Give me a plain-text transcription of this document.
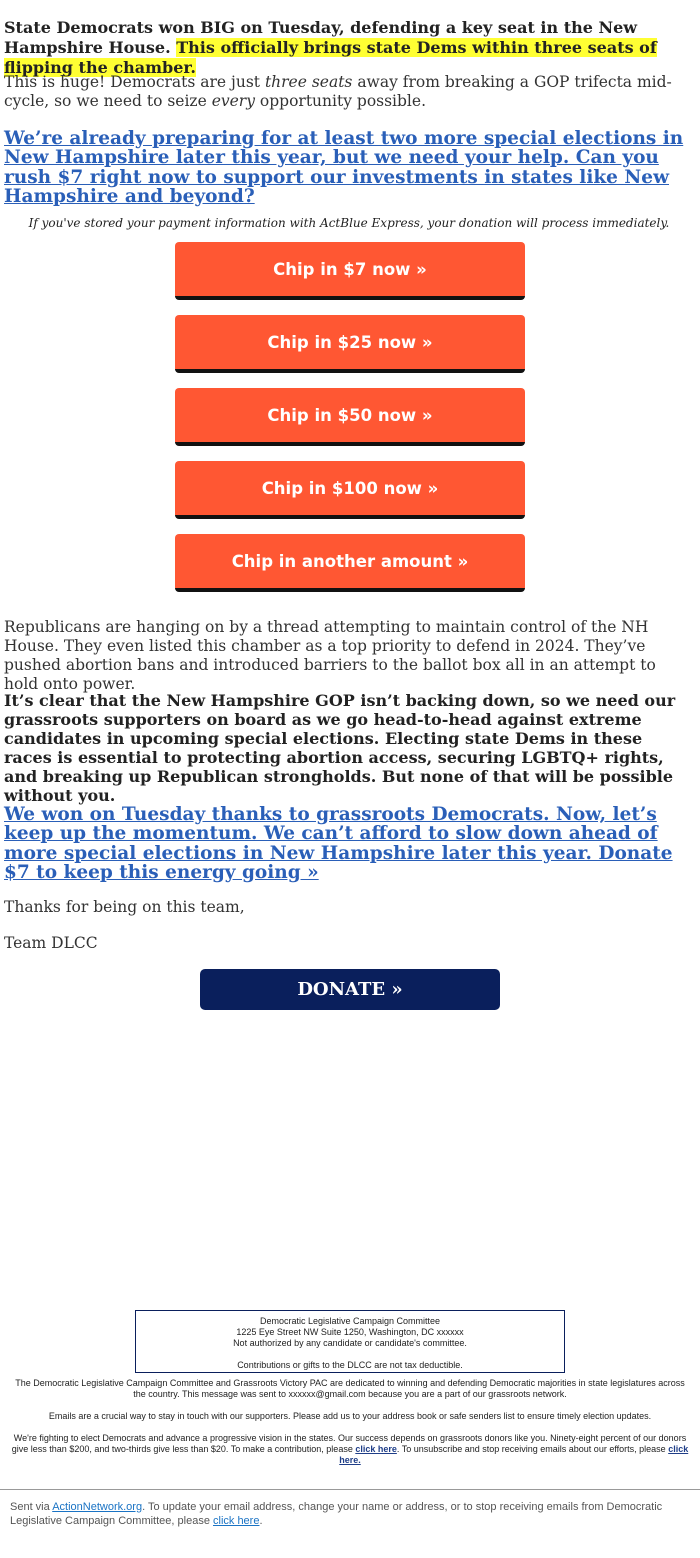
State Democrats won BIG on Tuesday, defending a key seat in the New Hampshire House. This officially brings state Dems within three seats of flipping the chamber.

This is huge! Democrats are just three seats away from breaking a GOP trifecta mid-cycle, so we need to seize every opportunity possible.

We’re already preparing for at least two more special elections in New Hampshire later this year, but we need your help. Can you rush $7 right now to support our investments in states like New Hampshire and beyond?

If you've stored your payment information with ActBlue Express, your donation will process immediately.

Chip in $7 now »
Chip in $25 now »
Chip in $50 now »
Chip in $100 now »
Chip in another amount »

Republicans are hanging on by a thread attempting to maintain control of the NH House. They even listed this chamber as a top priority to defend in 2024. They’ve pushed abortion bans and introduced barriers to the ballot box all in an attempt to hold onto power.

It’s clear that the New Hampshire GOP isn’t backing down, so we need our grassroots supporters on board as we go head-to-head against extreme candidates in upcoming special elections. Electing state Dems in these races is essential to protecting abortion access, securing LGBTQ+ rights, and breaking up Republican strongholds. But none of that will be possible without you.

We won on Tuesday thanks to grassroots Democrats. Now, let’s keep up the momentum. We can’t afford to slow down ahead of more special elections in New Hampshire later this year. Donate $7 to keep this energy going »

Thanks for being on this team,

Team DLCC

DONATE »
Democratic Legislative Campaign Committee
1225 Eye Street NW Suite 1250, Washington, DC xxxxxx
Not authorized by any candidate or candidate's committee.
Contributions or gifts to the DLCC are not tax deductible.

The Democratic Legislative Campaign Committee and Grassroots Victory PAC are dedicated to winning and defending Democratic majorities in state legislatures across the country. This message was sent to xxxxxx@gmail.com because you are a part of our grassroots network.

Emails are a crucial way to stay in touch with our supporters. Please add us to your address book or safe senders list to ensure timely election updates.

We're fighting to elect Democrats and advance a progressive vision in the states. Our success depends on grassroots donors like you. Ninety-eight percent of our donors give less than $200, and two-thirds give less than $20. To make a contribution, please click here. To unsubscribe and stop receiving emails about our efforts, please click here.

Sent via ActionNetwork.org. To update your email address, change your name or address, or to stop receiving emails from Democratic Legislative Campaign Committee, please click here.
